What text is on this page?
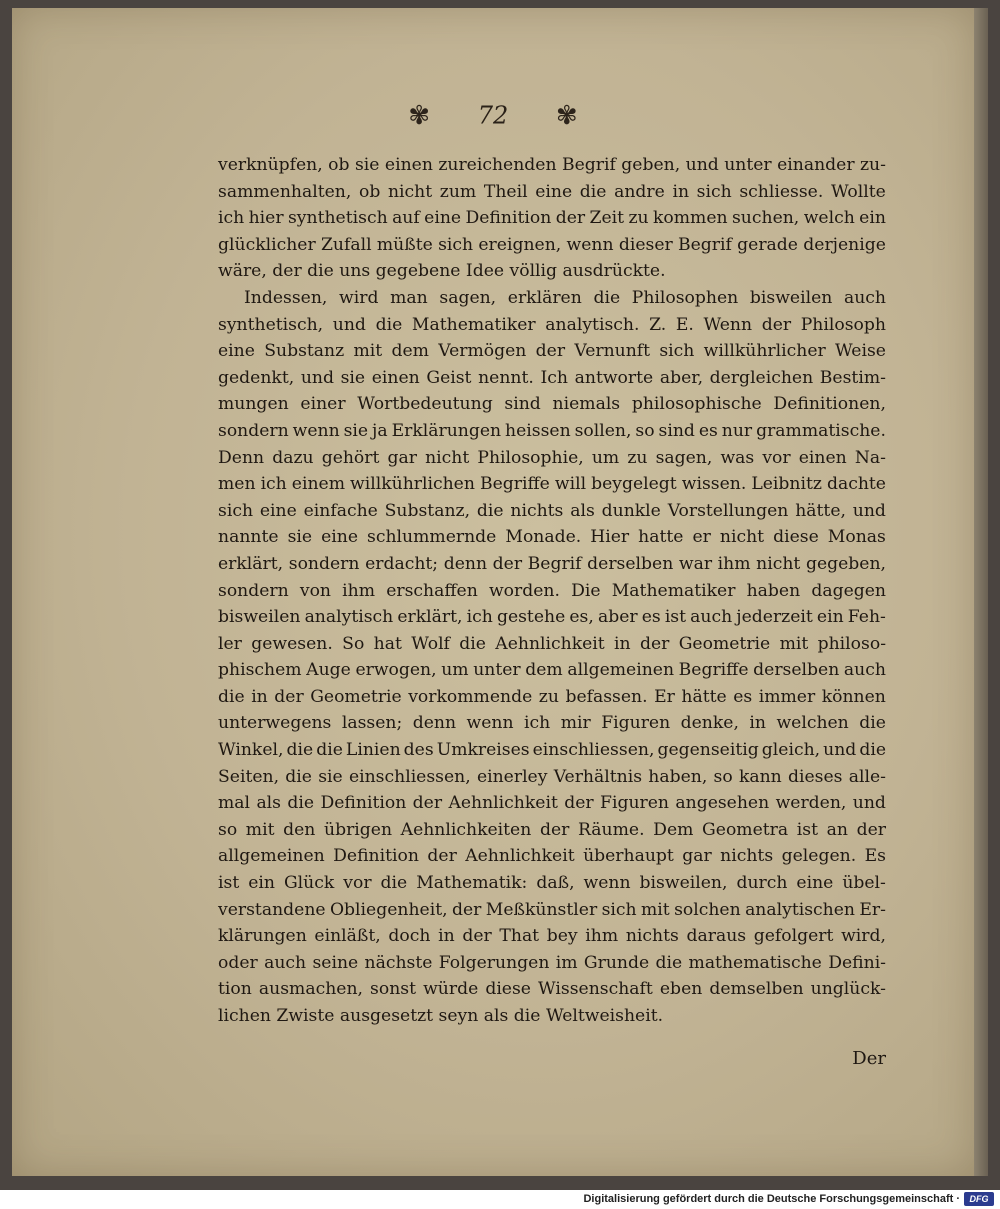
✾ 72 ✾
verknüpfen, ob sie einen zureichenden Begrif geben, und unter einander zu-
sammenhalten, ob nicht zum Theil eine die andre in sich schliesse. Wollte
ich hier synthetisch auf eine Definition der Zeit zu kommen suchen, welch ein
glücklicher Zufall müßte sich ereignen, wenn dieser Begrif gerade derjenige
wäre, der die uns gegebene Idee völlig ausdrückte.
Indessen, wird man sagen, erklären die Philosophen bisweilen auch
synthetisch, und die Mathematiker analytisch. Z. E. Wenn der Philosoph
eine Substanz mit dem Vermögen der Vernunft sich willkührlicher Weise
gedenkt, und sie einen Geist nennt. Ich antworte aber, dergleichen Bestim-
mungen einer Wortbedeutung sind niemals philosophische Definitionen,
sondern wenn sie ja Erklärungen heissen sollen, so sind es nur grammatische.
Denn dazu gehört gar nicht Philosophie, um zu sagen, was vor einen Na-
men ich einem willkührlichen Begriffe will beygelegt wissen. Leibnitz dachte
sich eine einfache Substanz, die nichts als dunkle Vorstellungen hätte, und
nannte sie eine schlummernde Monade. Hier hatte er nicht diese Monas
erklärt, sondern erdacht; denn der Begrif derselben war ihm nicht gegeben,
sondern von ihm erschaffen worden. Die Mathematiker haben dagegen
bisweilen analytisch erklärt, ich gestehe es, aber es ist auch jederzeit ein Feh-
ler gewesen. So hat Wolf die Aehnlichkeit in der Geometrie mit philoso-
phischem Auge erwogen, um unter dem allgemeinen Begriffe derselben auch
die in der Geometrie vorkommende zu befassen. Er hätte es immer können
unterwegens lassen; denn wenn ich mir Figuren denke, in welchen die
Winkel, die die Linien des Umkreises einschliessen, gegenseitig gleich, und die
Seiten, die sie einschliessen, einerley Verhältnis haben, so kann dieses alle-
mal als die Definition der Aehnlichkeit der Figuren angesehen werden, und
so mit den übrigen Aehnlichkeiten der Räume. Dem Geometra ist an der
allgemeinen Definition der Aehnlichkeit überhaupt gar nichts gelegen. Es
ist ein Glück vor die Mathematik: daß, wenn bisweilen, durch eine übel-
verstandene Obliegenheit, der Meßkünstler sich mit solchen analytischen Er-
klärungen einläßt, doch in der That bey ihm nichts daraus gefolgert wird,
oder auch seine nächste Folgerungen im Grunde die mathematische Defini-
tion ausmachen, sonst würde diese Wissenschaft eben demselben unglück-
lichen Zwiste ausgesetzt seyn als die Weltweisheit.
Der
Digitalisierung gefördert durch die Deutsche Forschungsgemeinschaft ·	DFG
